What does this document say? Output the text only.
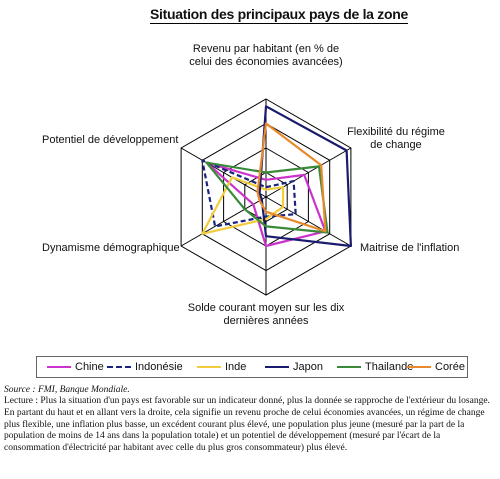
Situation des principaux pays de la zone
Revenu par habitant (en % de celui des économies avancées)
Flexibilité du régime de change
Maitrise de l'inflation
Solde courant moyen sur les dix dernières années
Dynamisme démographique
Potentiel de développement
Chine	Indonésie	Inde	Japon	Thailande	Corée
Source : FMI, Banque Mondiale.
Lecture : Plus la situation d'un pays est favorable sur un indicateur donné, plus la donnée se rapproche de l'extérieur du losange. En partant du haut et en allant vers la droite, cela signifie un revenu proche de celui économies avancées, un régime de change plus flexible, une inflation plus basse, un excédent courant plus élevé, une population plus jeune (mesuré par la part de la population de moins de 14 ans dans la population totale) et un potentiel de développement (mesuré par l'écart de la consommation d'électricité par habitant avec celle du plus gros consommateur) plus élevé.
